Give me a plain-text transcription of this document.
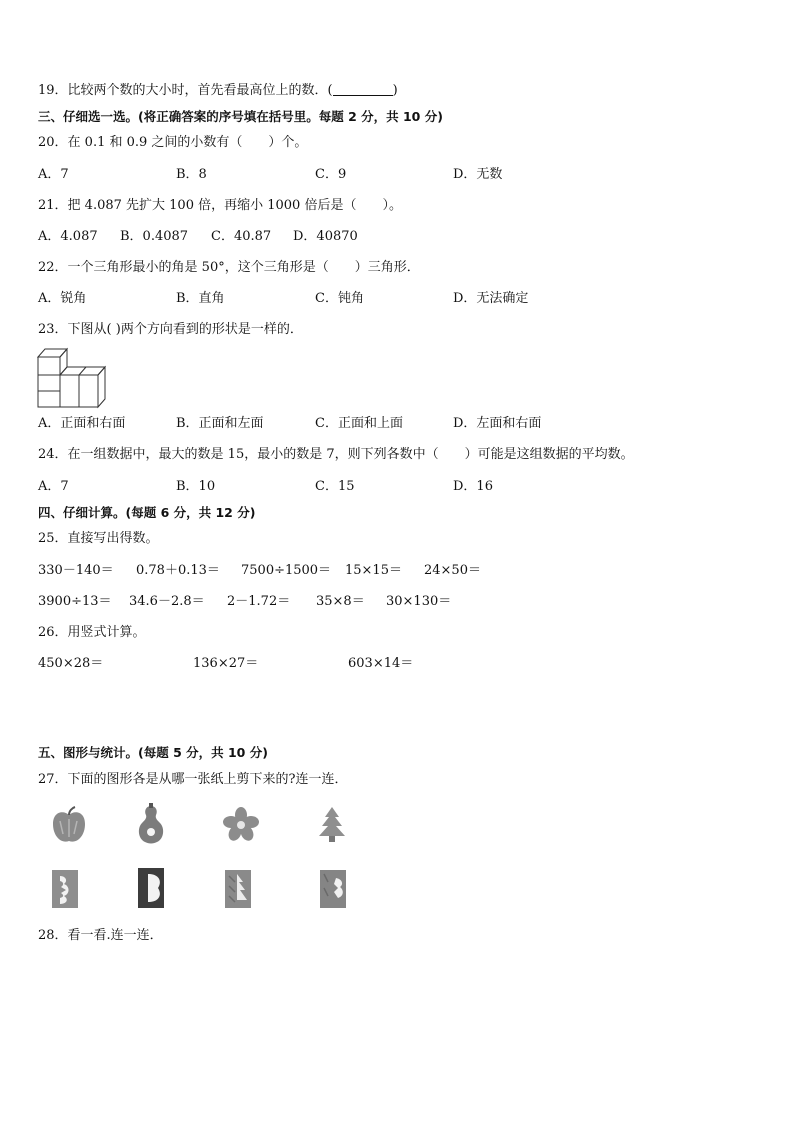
19．比较两个数的大小时，首先看最高位上的数．(	)
三、仔细选一选。(将正确答案的序号填在括号里。每题 2 分，共 10 分)
20．在 0.1 和 0.9 之间的小数有（　　）个。
A．7	B．8	C．9	D．无数
21．把 4.087 先扩大 100 倍，再缩小 1000 倍后是（　　）。
A．4.087 B．0.4087 C．40.87 D．40870
22．一个三角形最小的角是 50°，这个三角形是（　　）三角形．
A．锐角	B．直角	C．钝角	D．无法确定
23．下图从( )两个方向看到的形状是一样的．
A．正面和右面	B．正面和左面	C．正面和上面	D．左面和右面
24．在一组数据中，最大的数是 15，最小的数是 7，则下列各数中（　　）可能是这组数据的平均数。
A．7	B．10	C．15	D．16
四、仔细计算。(每题 6 分，共 12 分)
25．直接写出得数。
330－140＝ 0.78＋0.13＝ 7500÷1500＝ 15×15＝ 24×50＝
3900÷13＝ 34.6－2.8＝ 2－1.72＝ 35×8＝ 30×130＝
26．用竖式计算。
450×28＝	136×27＝	603×14＝
五、图形与统计。(每题 5 分，共 10 分)
27．下面的图形各是从哪一张纸上剪下来的?连一连．
28．看一看.连一连．
